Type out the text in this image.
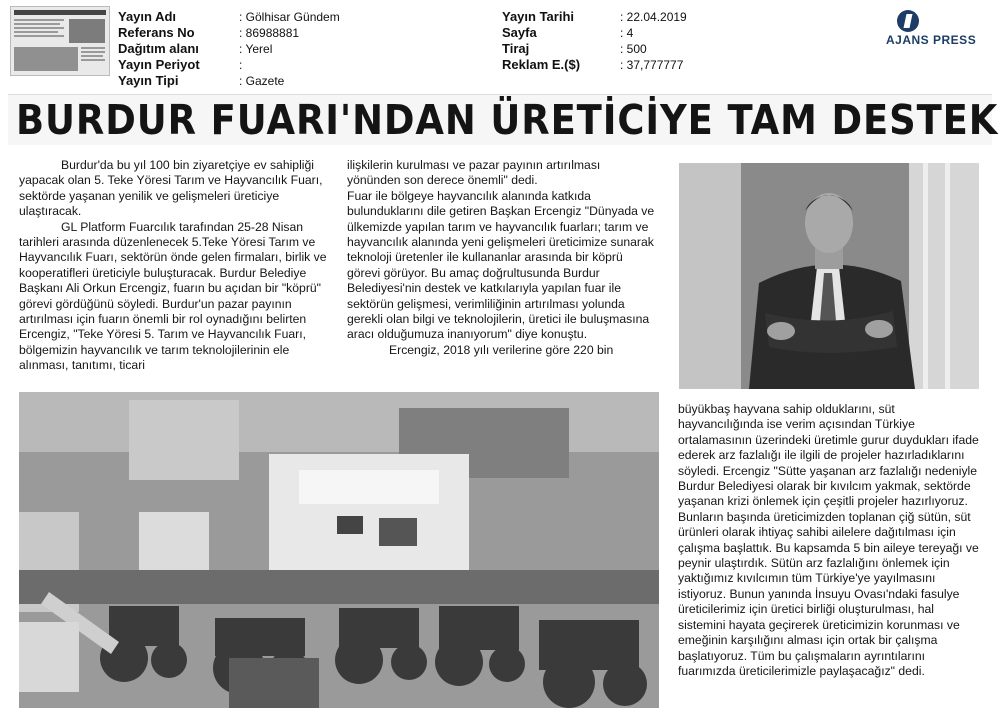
Yayın Adı	: Gölhisar Gündem
Referans No	: 86988881
Dağıtım alanı	: Yerel
Yayın Periyot	:
Yayın Tipi	: Gazete
Yayın Tarihi	: 22.04.2019
Sayfa	: 4
Tiraj	: 500
Reklam E.($)	: 37,777777
AJANS PRESS
BURDUR FUARI'NDAN ÜRETİCİYE TAM DESTEK

Burdur'da bu yıl 100 bin ziyaretçiye ev sahipliği yapacak olan 5. Teke Yöresi Tarım ve Hayvancılık Fuarı, sektörde yaşanan yenilik ve gelişmeleri üreticiye ulaştıracak.

GL Platform Fuarcılık tarafından 25-28 Nisan tarihleri arasında düzenlenecek 5.Teke Yöresi Tarım ve Hayvancılık Fuarı, sektörün önde gelen firmaları, birlik ve kooperatifleri üreticiyle buluşturacak. Burdur Belediye Başkanı Ali Orkun Ercengiz, fuarın bu açıdan bir "köprü" görevi gördüğünü söyledi. Burdur'un pazar payının artırılması için fuarın önemli bir rol oynadığını belirten Ercengiz, "Teke Yöresi 5. Tarım ve Hayvancılık Fuarı, bölgemizin hayvancılık ve tarım teknolojilerinin ele alınması, tanıtımı, ticari

ilişkilerin kurulması ve pazar payının artırılması yönünden son derece önemli" dedi.

Fuar ile bölgeye hayvancılık alanında katkıda bulunduklarını dile getiren Başkan Ercengiz "Dünyada ve ülkemizde yapılan tarım ve hayvancılık fuarları; tarım ve hayvancılık alanında yeni gelişmeleri üreticimize sunarak teknoloji üretenler ile kullananlar arasında bir köprü görevi görüyor. Bu amaç doğrultusunda Burdur Belediyesi'nin destek ve katkılarıyla yapılan fuar ile sektörün gelişmesi, verimliliğinin artırılması yolunda gerekli olan bilgi ve teknolojilerin, üretici ile buluşmasına aracı olduğumuza inanıyorum" diye konuştu.

Ercengiz, 2018 yılı verilerine göre 220 bin

büyükbaş hayvana sahip olduklarını, süt hayvancılığında ise verim açısından Türkiye ortalamasının üzerindeki üretimle gurur duydukları ifade ederek arz fazlalığı ile ilgili de projeler hazırladıklarını söyledi. Ercengiz "Sütte yaşanan arz fazlalığı nedeniyle Burdur Belediyesi olarak bir kıvılcım yakmak, sektörde yaşanan krizi önlemek için çeşitli projeler hazırlıyoruz. Bunların başında üreticimizden toplanan çiğ sütün, süt ürünleri olarak ihtiyaç sahibi ailelere dağıtılması için çalışma başlattık. Bu kapsamda 5 bin aileye tereyağı ve peynir ulaştırdık. Sütün arz fazlalığını önlemek için yaktığımız kıvılcımın tüm Türkiye'ye yayılmasını istiyoruz. Bunun yanında İnsuyu Ovası'ndaki fasulye üreticilerimiz için üretici birliği oluşturulması, hal sistemini hayata geçirerek üreticimizin korunması ve emeğinin karşılığını alması için ortak bir çalışma başlatıyoruz. Tüm bu çalışmaların ayrıntılarını fuarımızda üreticilerimizle paylaşacağız" dedi.
